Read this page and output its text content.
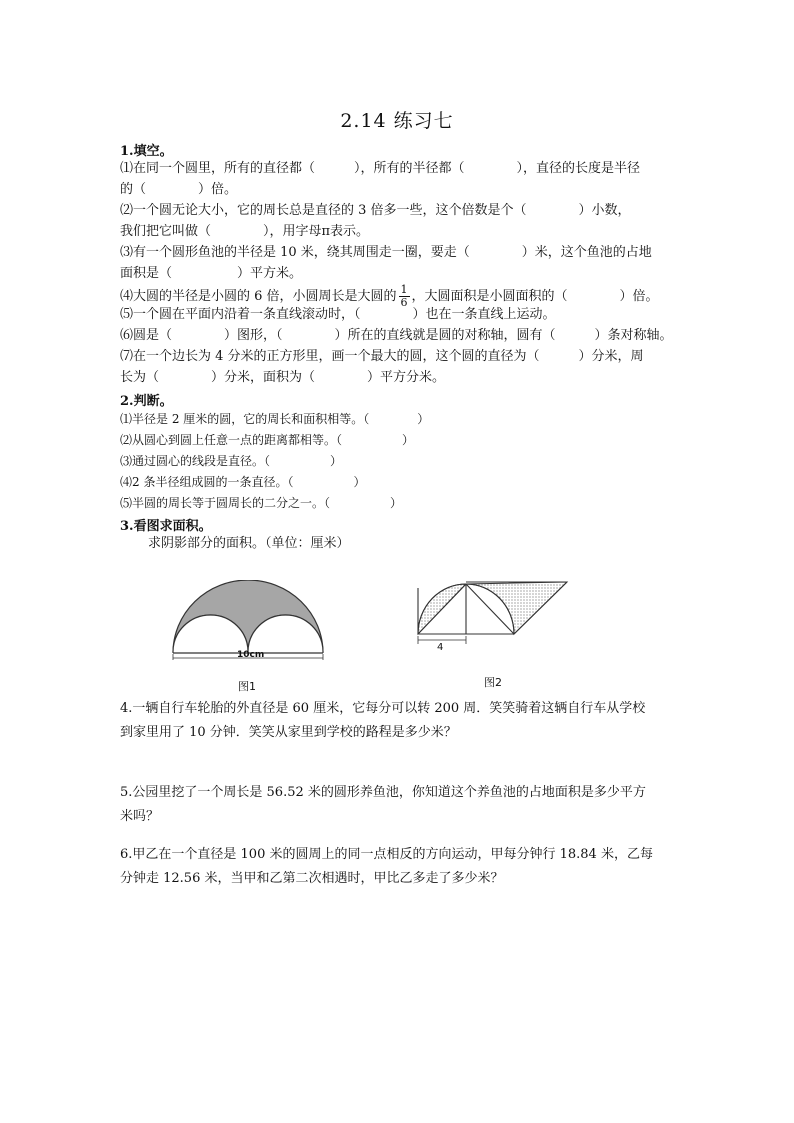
2.14 练习七
1.填空。
⑴在同一个圆里，所有的直径都（　　　），所有的半径都（　　　　），直径的长度是半径
的（　　　　）倍。
⑵一个圆无论大小，它的周长总是直径的 3 倍多一些，这个倍数是个（　　　　）小数，
我们把它叫做（　　　　），用字母π表示。
⑶有一个圆形鱼池的半径是 10 米，绕其周围走一圈，要走（　　　　）米，这个鱼池的占地
面积是（　　　　　）平方米。
⑷大圆的半径是小圆的 6 倍，小圆周长是大圆的 $\frac{1}{6}$ ，大圆面积是小圆面积的（　　　　）倍。
⑸一个圆在平面内沿着一条直线滚动时，（　　　　）也在一条直线上运动。
⑹圆是（　　　　）图形，（　　　　）所在的直线就是圆的对称轴，圆有（　　　）条对称轴。
⑺在一个边长为 4 分米的正方形里，画一个最大的圆，这个圆的直径为（　　　）分米，周
长为（　　　　）分米，面积为（　　　　）平方分米。
2.判断。
⑴半径是 2 厘米的圆，它的周长和面积相等。（　　　　）
⑵从圆心到圆上任意一点的距离都相等。（　　　　　）
⑶通过圆心的线段是直径。（　　　　　）
⑷2 条半径组成圆的一条直径。（　　　　　）
⑸半圆的周长等于圆周长的二分之一。（　　　　　）
3.看图求面积。
求阴影部分的面积。（单位：厘米）
10cm
图1
4
图2
4.一辆自行车轮胎的外直径是 60 厘米，它每分可以转 200 周．笑笑骑着这辆自行车从学校
到家里用了 10 分钟．笑笑从家里到学校的路程是多少米？
5.公园里挖了一个周长是 56.52 米的圆形养鱼池，你知道这个养鱼池的占地面积是多少平方
米吗？
6.甲乙在一个直径是 100 米的圆周上的同一点相反的方向运动，甲每分钟行 18.84 米，乙每
分钟走 12.56 米，当甲和乙第二次相遇时，甲比乙多走了多少米？
